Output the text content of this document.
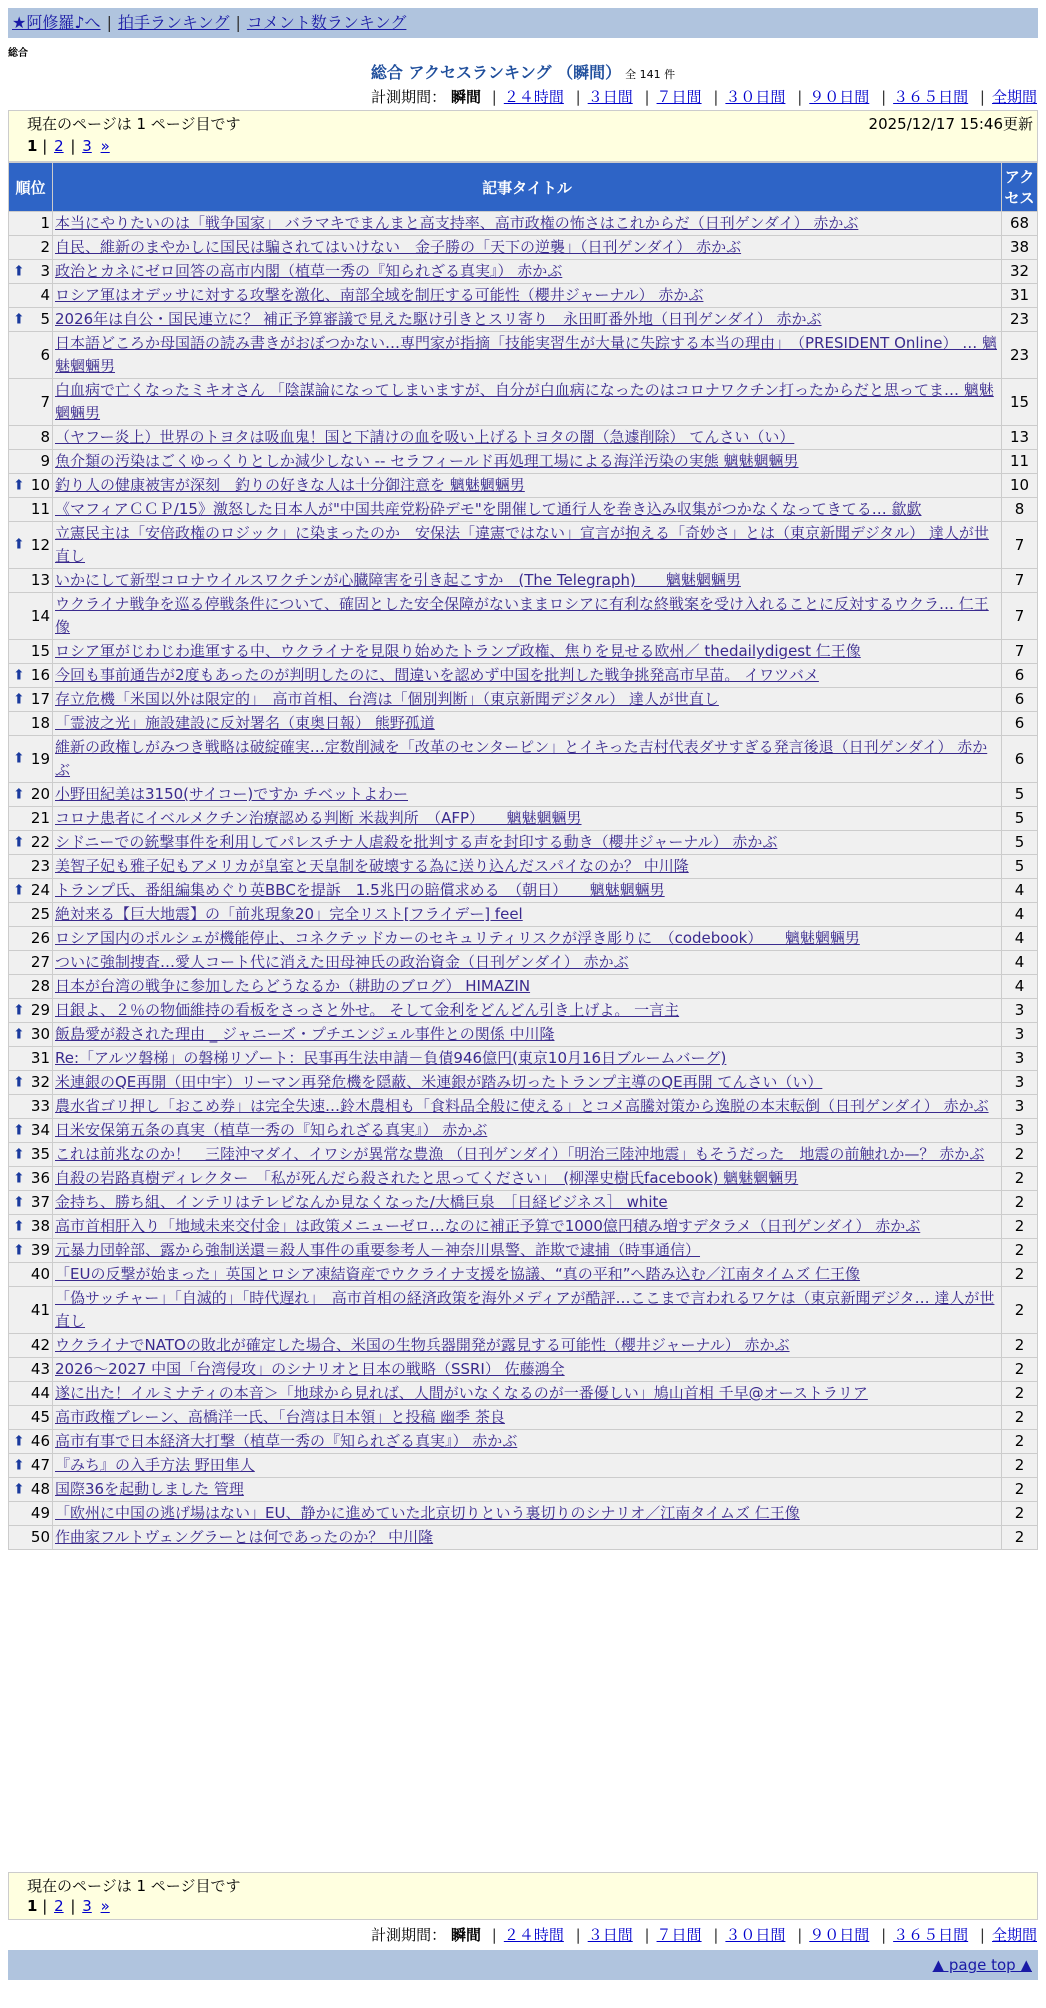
★阿修羅♪へ | 拍手ランキング | コメント数ランキング
総合
総合 アクセスランキング （瞬間） 全 141 件
計測期間： 瞬間 | ２４時間 | ３日間 | ７日間 | ３０日間 | ９０日間 | ３６５日間 | 全期間
現在のページは 1 ページ目です	2025/12/17 15:46更新
1 | 2 | 3 »
順位	記事タイトル	アクセス
1	本当にやりたいのは「戦争国家」 バラマキでまんまと高支持率、高市政権の怖さはこれからだ（日刊ゲンダイ） 赤かぶ	68
2	自民、維新のまやかしに国民は騙されてはいけない　金子勝の「天下の逆襲」（日刊ゲンダイ） 赤かぶ	38

⬆ 3	政治とカネにゼロ回答の高市内閣（植草一秀の『知られざる真実』） 赤かぶ	32
4	ロシア軍はオデッサに対する攻撃を激化、南部全域を制圧する可能性（櫻井ジャーナル） 赤かぶ	31

⬆ 5	2026年は自公・国民連立に？ 補正予算審議で見えた駆け引きとスリ寄り　永田町番外地（日刊ゲンダイ） 赤かぶ	23
6	日本語どころか母国語の読み書きがおぼつかない…専門家が指摘「技能実習生が大量に失踪する本当の理由」　（PRESIDENT Online） … 魑魅魍魎男	23
7	白血病で亡くなったミキオさん 「陰謀論になってしまいますが、自分が白血病になったのはコロナワクチン打ったからだと思ってま… 魑魅魍魎男	15
8	（ヤフー炎上）世界のトヨタは吸血鬼！国と下請けの血を吸い上げるトヨタの闇（急遽削除） てんさい（い）	13
9	魚介類の汚染はごくゆっくりとしか減少しない -- セラフィールド再処理工場による海洋汚染の実態 魑魅魍魎男	11

⬆ 10	釣り人の健康被害が深刻　釣りの好きな人は十分御注意を 魑魅魍魎男	10
11	《マフィアＣＣＰ/15》激怒した日本人が"中国共産党粉砕デモ"を開催して通行人を巻き込み収集がつかなくなってきてる… 歙歔	8

⬆ 12	立憲民主は「安倍政権のロジック」に染まったのか　安保法「違憲ではない」宣言が抱える「奇妙さ」とは（東京新聞デジタル） 達人が世直し	7
13	いかにして新型コロナウイルスワクチンが心臓障害を引き起こすか　(The Telegraph)　　魑魅魍魎男	7
14	ウクライナ戦争を巡る停戦条件について、確固とした安全保障がないままロシアに有利な終戦案を受け入れることに反対するウクラ… 仁王像	7
15	ロシア軍がじわじわ進軍する中、ウクライナを見限り始めたトランプ政権、焦りを見せる欧州／ thedailydigest 仁王像	7

⬆ 16	今回も事前通告が2度もあったのが判明したのに、間違いを認めず中国を批判した戦争挑発高市早苗。 イワツバメ	6

⬆ 17	存立危機「米国以外は限定的」　高市首相、台湾は「個別判断」（東京新聞デジタル） 達人が世直し	6
18	「霊波之光」施設建設に反対署名（東奥日報） 熊野孤道	6

⬆ 19	維新の政権しがみつき戦略は破綻確実…定数削減を「改革のセンターピン」とイキった吉村代表ダサすぎる発言後退（日刊ゲンダイ） 赤かぶ	6

⬆ 20	小野田紀美は3150(サイコー)ですか チベットよわー	5
21	コロナ患者にイベルメクチン治療認める判断 米裁判所　（AFP）　　魑魅魍魎男	5

⬆ 22	シドニーでの銃撃事件を利用してパレスチナ人虐殺を批判する声を封印する動き（櫻井ジャーナル） 赤かぶ	5
23	美智子妃も雅子妃もアメリカが皇室と天皇制を破壊する為に送り込んだスパイなのか？ 中川隆	5

⬆ 24	トランプ氏、番組編集めぐり英BBCを提訴　1.5兆円の賠償求める　（朝日）　　魑魅魍魎男	4
25	絶対来る【巨大地震】の「前兆現象20」完全リスト[フライデー] feel	4
26	ロシア国内のポルシェが機能停止、コネクテッドカーのセキュリティリスクが浮き彫りに　（codebook）　　魑魅魍魎男	4
27	ついに強制捜査…愛人コート代に消えた田母神氏の政治資金（日刊ゲンダイ） 赤かぶ	4
28	日本が台湾の戦争に参加したらどうなるか（耕助のブログ） HIMAZIN	4

⬆ 29	日銀よ、２％の物価維持の看板をさっさと外せ。 そして金利をどんどん引き上げよ。 一言主	3

⬆ 30	飯島愛が殺された理由 _ ジャニーズ・プチエンジェル事件との関係 中川隆	3
31	Re:「アルツ磐梯」の磐梯リゾート：民事再生法申請－負債946億円(東京10月16日ブルームバーグ)	3

⬆ 32	米連銀のQE再開（田中宇）リーマン再発危機を隠蔽、米連銀が踏み切ったトランプ主導のQE再開 てんさい（い）	3
33	農水省ゴリ押し「おこめ券」は完全失速…鈴木農相も「食料品全般に使える」とコメ高騰対策から逸脱の本末転倒（日刊ゲンダイ） 赤かぶ	3

⬆ 34	日米安保第五条の真実（植草一秀の『知られざる真実』） 赤かぶ	3

⬆ 35	これは前兆なのか！　三陸沖マダイ、イワシが異常な豊漁 （日刊ゲンダイ）「明治三陸沖地震」もそうだった　地震の前触れか—？ 赤かぶ	2

⬆ 36	自殺の岩路真樹ディレクター　「私が死んだら殺されたと思ってください」　(柳澤史樹氏facebook) 魑魅魍魎男	2

⬆ 37	金持ち、勝ち組、インテリはテレビなんか見なくなった/大橋巨泉　［日経ビジネス］ white	2

⬆ 38	高市首相肝入り「地域未来交付金」は政策メニューゼロ…なのに補正予算で1000億円積み増すデタラメ（日刊ゲンダイ） 赤かぶ	2

⬆ 39	元暴力団幹部、露から強制送還＝殺人事件の重要参考人－神奈川県警、詐欺で逮捕（時事通信）	2
40	「EUの反撃が始まった」英国とロシア凍結資産でウクライナ支援を協議、“真の平和”へ踏み込む／江南タイムズ 仁王像	2
41	「偽サッチャー」「自滅的」「時代遅れ」　高市首相の経済政策を海外メディアが酷評…ここまで言われるワケは（東京新聞デジタ… 達人が世直し	2
42	ウクライナでNATOの敗北が確定した場合、米国の生物兵器開発が露見する可能性（櫻井ジャーナル） 赤かぶ	2
43	2026～2027 中国「台湾侵攻」のシナリオと日本の戦略（SSRI） 佐藤鴻全	2
44	遂に出た！イルミナティの本音＞「地球から見れば、人間がいなくなるのが一番優しい」鳩山首相 千早@オーストラリア	2
45	高市政権ブレーン、高橋洋一氏、「台湾は日本領」と投稿 幽季 茶良	2

⬆ 46	高市有事で日本経済大打撃（植草一秀の『知られざる真実』） 赤かぶ	2

⬆ 47	『みち』の入手方法 野田隼人	2

⬆ 48	国際36を起動しました 管理	2
49	「欧州に中国の逃げ場はない」EU、静かに進めていた北京切りという裏切りのシナリオ／江南タイムズ 仁王像	2
50	作曲家フルトヴェングラーとは何であったのか？ 中川隆	2
現在のページは 1 ページ目です
1 | 2 | 3 »
計測期間： 瞬間 | ２４時間 | ３日間 | ７日間 | ３０日間 | ９０日間 | ３６５日間 | 全期間
▲ page top ▲
